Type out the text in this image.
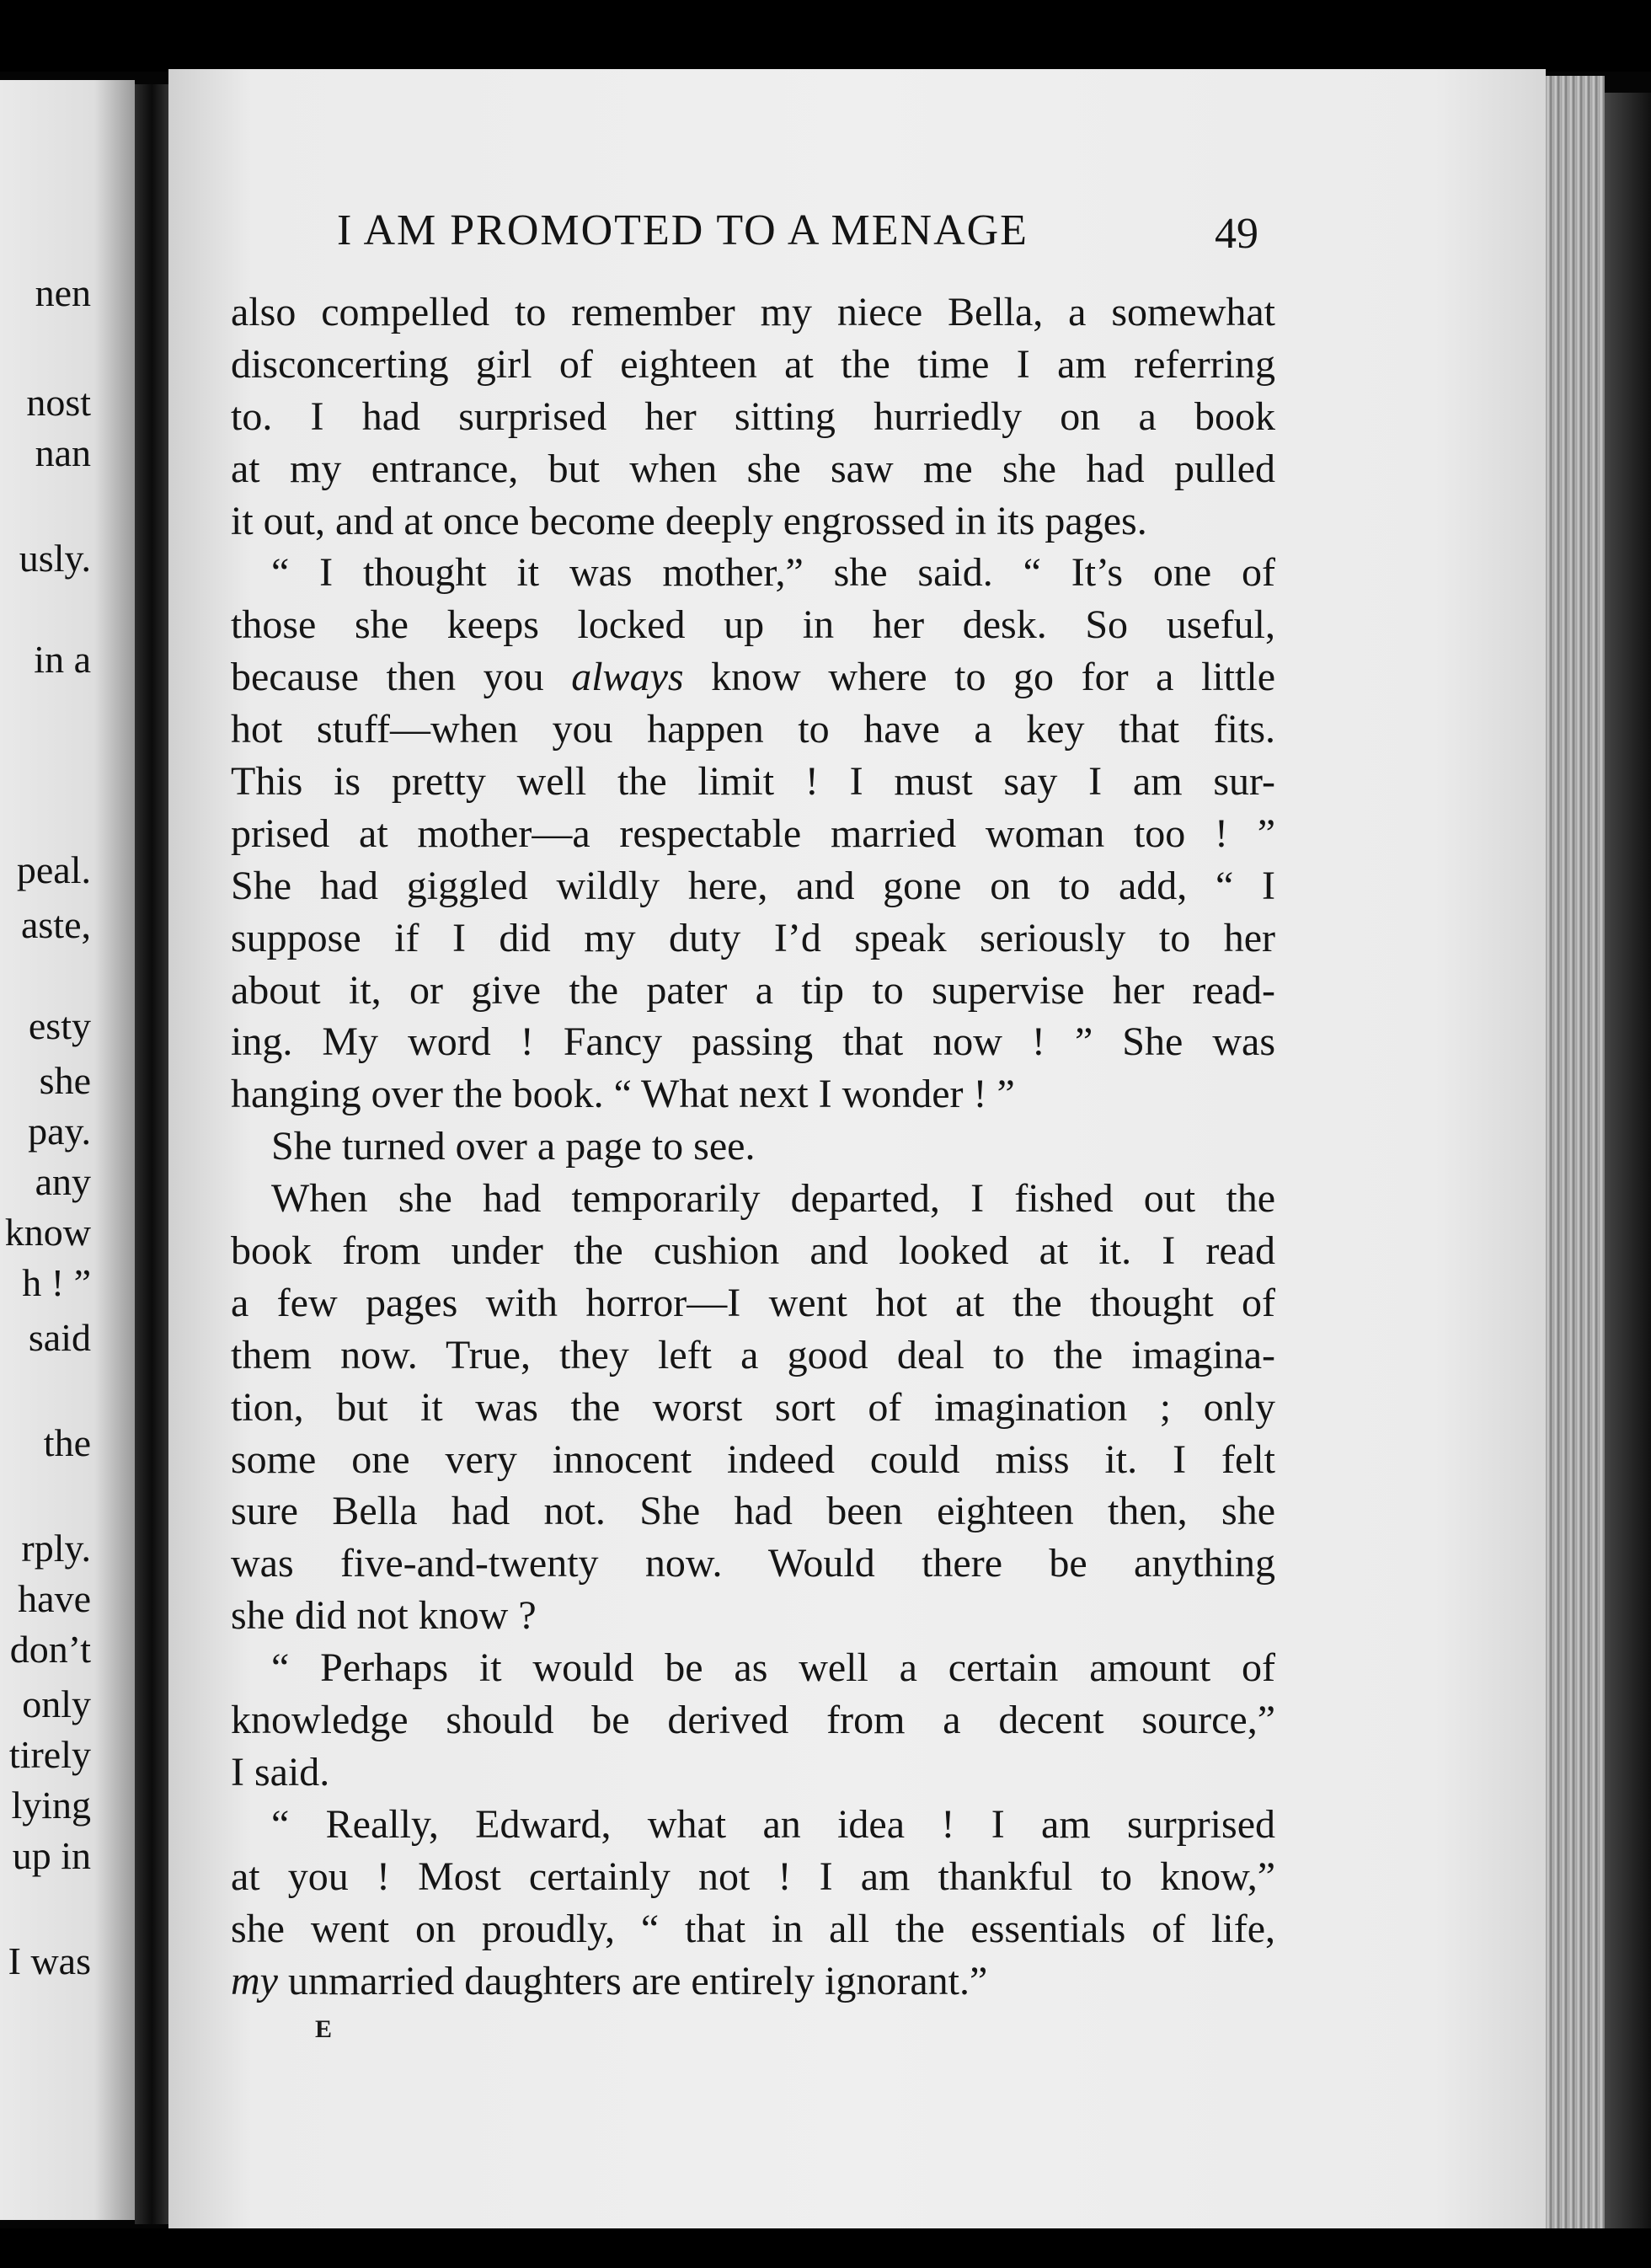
nen
nost
nan
usly.
in a
peal.
aste,
esty
she
pay.
any
know
h ! ”
said
the
rply.
have
don’t
only
tirely
lying
up in
I was
I AM PROMOTED TO A MENAGE	49
also compelled to remember my niece Bella, a somewhat
disconcerting girl of eighteen at the time I am referring
to. I had surprised her sitting hurriedly on a book
at my entrance, but when she saw me she had pulled
it out, and at once become deeply engrossed in its pages.
“ I thought it was mother,” she said. “ It’s one of
those she keeps locked up in her desk. So useful,
because then you always know where to go for a little
hot stuff—when you happen to have a key that fits.
This is pretty well the limit ! I must say I am sur-
prised at mother—a respectable married woman too ! ”
She had giggled wildly here, and gone on to add, “ I
suppose if I did my duty I’d speak seriously to her
about it, or give the pater a tip to supervise her read-
ing. My word ! Fancy passing that now ! ” She was
hanging over the book. “ What next I wonder ! ”
She turned over a page to see.
When she had temporarily departed, I fished out the
book from under the cushion and looked at it. I read
a few pages with horror—I went hot at the thought of
them now. True, they left a good deal to the imagina-
tion, but it was the worst sort of imagination ; only
some one very innocent indeed could miss it. I felt
sure Bella had not. She had been eighteen then, she
was five-and-twenty now. Would there be anything
she did not know ?
“ Perhaps it would be as well a certain amount of
knowledge should be derived from a decent source,”
I said.
“ Really, Edward, what an idea ! I am surprised
at you ! Most certainly not ! I am thankful to know,”
she went on proudly, “ that in all the essentials of life,
my unmarried daughters are entirely ignorant.”
E
